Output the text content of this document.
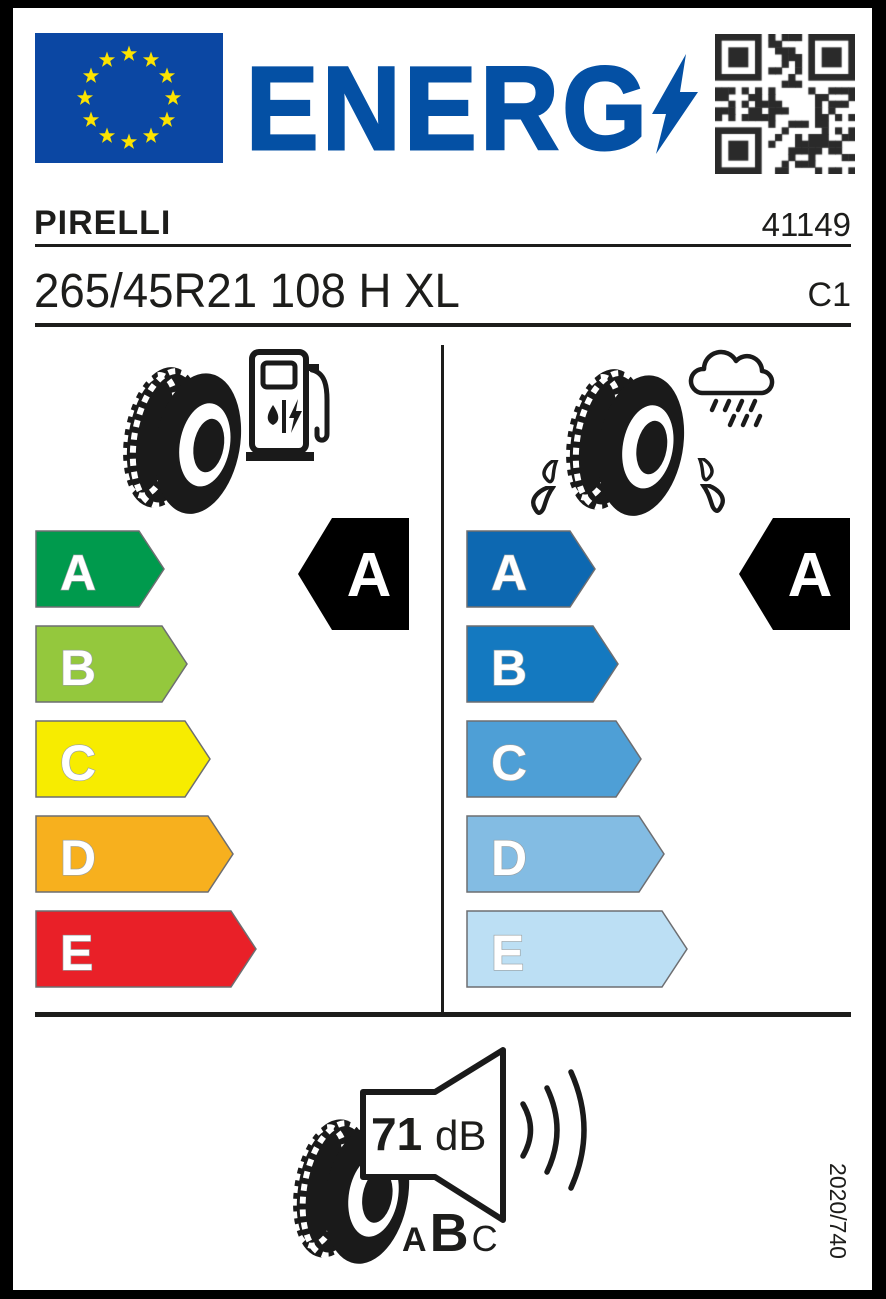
ENERG
PIRELLI	41149
265/45R21 108 H XL	C1
A
B
C
D
E
A A
B
C
D
E
A
71 dB
A B C	2020/740
